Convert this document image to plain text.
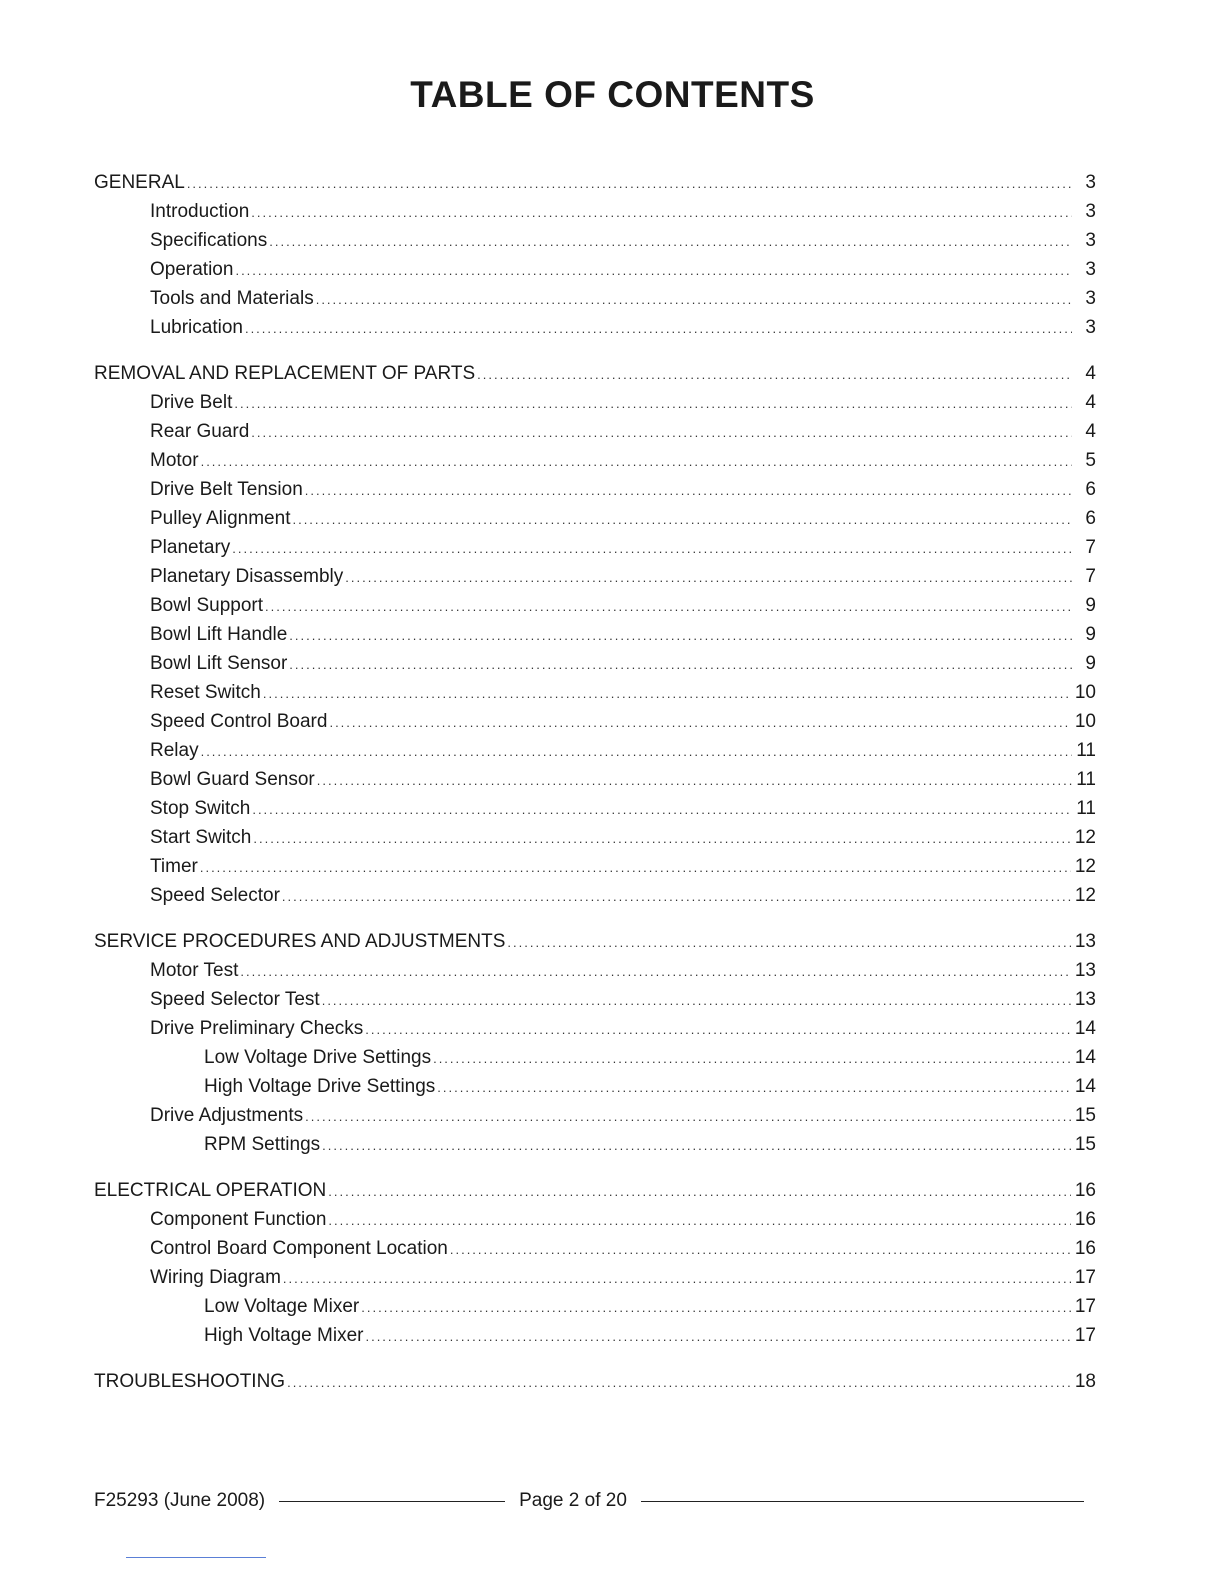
TABLE OF CONTENTS
GENERAL .....	3
Introduction .....	3
Specifications .....	3
Operation .....	3
Tools and Materials .....	3
Lubrication .....	3
REMOVAL AND REPLACEMENT OF PARTS .....	4
Drive Belt .....	4
Rear Guard .....	4
Motor .....	5
Drive Belt Tension .....	6
Pulley Alignment .....	6
Planetary .....	7
Planetary Disassembly .....	7
Bowl Support .....	9
Bowl Lift Handle .....	9
Bowl Lift Sensor .....	9
Reset Switch .....	10
Speed Control Board .....	10
Relay .....	11
Bowl Guard Sensor .....	11
Stop Switch .....	11
Start Switch .....	12
Timer .....	12
Speed Selector .....	12
SERVICE PROCEDURES AND ADJUSTMENTS .....	13
Motor Test .....	13
Speed Selector Test .....	13
Drive Preliminary Checks .....	14
Low Voltage Drive Settings .....	14
High Voltage Drive Settings .....	14
Drive Adjustments .....	15
RPM Settings .....	15
ELECTRICAL OPERATION .....	16
Component Function .....	16
Control Board Component Location .....	16
Wiring Diagram .....	17
Low Voltage Mixer .....	17
High Voltage Mixer .....	17
TROUBLESHOOTING .....	18
F25293 (June 2008)	Page 2 of 20
